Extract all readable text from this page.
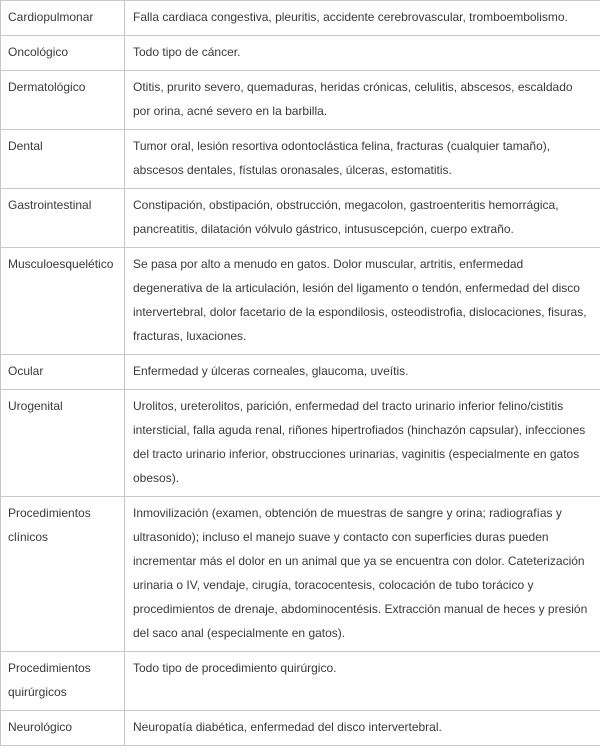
Cardiopulmonar	Falla cardiaca congestiva, pleuritis, accidente cerebrovascular, tromboembolismo.
Oncológico	Todo tipo de cáncer.
Dermatológico	Otitis, prurito severo, quemaduras, heridas crónicas, celulitis, abscesos, escaldado por orina, acné severo en la barbilla.
Dental	Tumor oral, lesión resortiva odontoclástica felina, fracturas (cualquier tamaño), abscesos dentales, fístulas oronasales, úlceras, estomatitis.
Gastrointestinal	Constipación, obstipación, obstrucción, megacolon, gastroenteritis hemorrágica, pancreatitis, dilatación vólvulo gástrico, intususcepción, cuerpo extraño.
Musculoesquelético	Se pasa por alto a menudo en gatos. Dolor muscular, artritis, enfermedad degenerativa de la articulación, lesión del ligamento o tendón, enfermedad del disco intervertebral, dolor facetario de la espondilosis, osteodistrofia, dislocaciones, fisuras, fracturas, luxaciones.
Ocular	Enfermedad y úlceras corneales, glaucoma, uveítis.
Urogenital	Urolitos, ureterolitos, parición, enfermedad del tracto urinario inferior felino/cistitis intersticial, falla aguda renal, riñones hipertrofiados (hinchazón capsular), infecciones del tracto urinario inferior, obstrucciones urinarias, vaginitis (especialmente en gatos obesos).
Procedimientos clínicos	Inmovilización (examen, obtención de muestras de sangre y orina; radiografías y ultrasonido); incluso el manejo suave y contacto con superficies duras pueden incrementar más el dolor en un animal que ya se encuentra con dolor. Cateterización urinaria o IV, vendaje, cirugía, toracocentesis, colocación de tubo torácico y procedimientos de drenaje, abdominocentésis. Extracción manual de heces y presión del saco anal (especialmente en gatos).
Procedimientos quirúrgicos	Todo tipo de procedimiento quirúrgico.
Neurológico	Neuropatía diabética, enfermedad del disco intervertebral.
